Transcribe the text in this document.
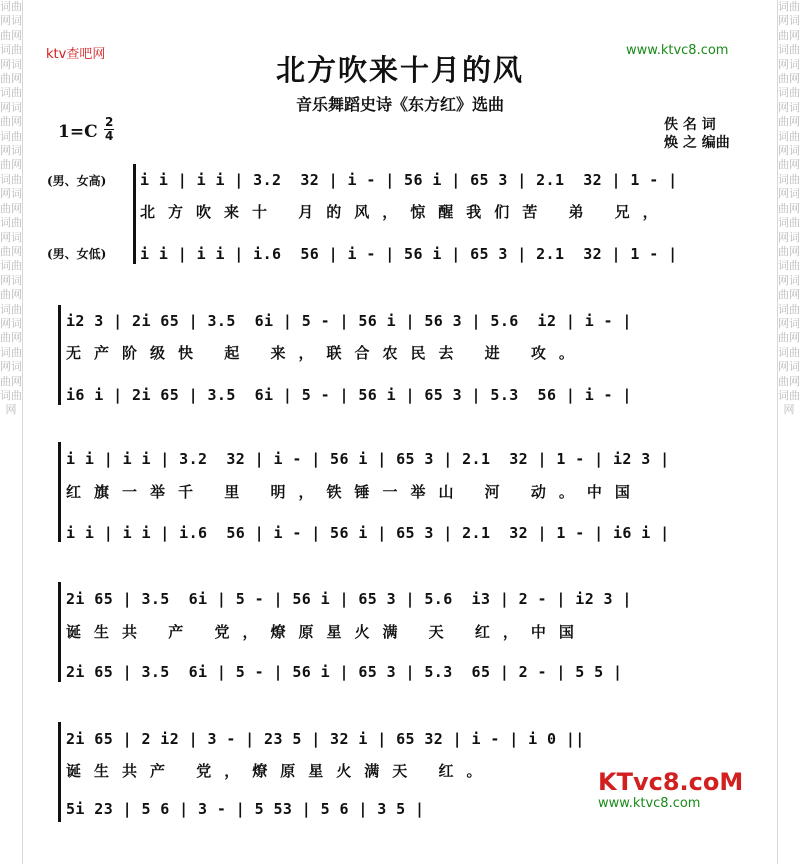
词曲网词曲网词曲网词曲网词曲网词曲网词曲网词曲网词曲网词曲网词曲网词曲网词曲网词曲网词曲网词曲网词曲网词曲网词曲网
词曲网词曲网词曲网词曲网词曲网词曲网词曲网词曲网词曲网词曲网词曲网词曲网词曲网词曲网词曲网词曲网词曲网词曲网词曲网
ktv查吧网	www.ktvc8.com
北方吹来十月的风
音乐舞蹈史诗《东方红》选曲
佚 名 词
焕 之 编曲
1=C 2
4
(男、女高)
(男、女低)
i i | i i | 3.2  32 | i - | 56 i | 65 3 | 2.1  32 | 1 - |
北方吹来十 月的风，惊醒我们苦 弟 兄，
i i | i i | i.6  56 | i - | 56 i | 65 3 | 2.1  32 | 1 - |
i2 3 | 2i 65 | 3.5  6i | 5 - | 56 i | 56 3 | 5.6  i2 | i - |
无产阶级快 起 来，联合农民去 进 攻。
i6 i | 2i 65 | 3.5  6i | 5 - | 56 i | 65 3 | 5.3  56 | i - |
i i | i i | 3.2  32 | i - | 56 i | 65 3 | 2.1  32 | 1 - | i2 3 |
红旗一举千 里 明，铁锤一举山 河 动。中国
i i | i i | i.6  56 | i - | 56 i | 65 3 | 2.1  32 | 1 - | i6 i |
2i 65 | 3.5  6i | 5 - | 56 i | 65 3 | 5.6  i3 | 2 - | i2 3 |
诞生共 产 党，燎原星火满 天 红，中国
2i 65 | 3.5  6i | 5 - | 56 i | 65 3 | 5.3  65 | 2 - | 5 5 |
2i 65 | 2 i2 | 3 - | 23 5 | 32 i | 65 32 | i - | i 0 ||
诞生共产 党，燎原星火满天 红。
5i 23 | 5 6 | 3 - | 5 53 | 5 6 | 3 5 |
KTvc8.coM
www.ktvc8.com
